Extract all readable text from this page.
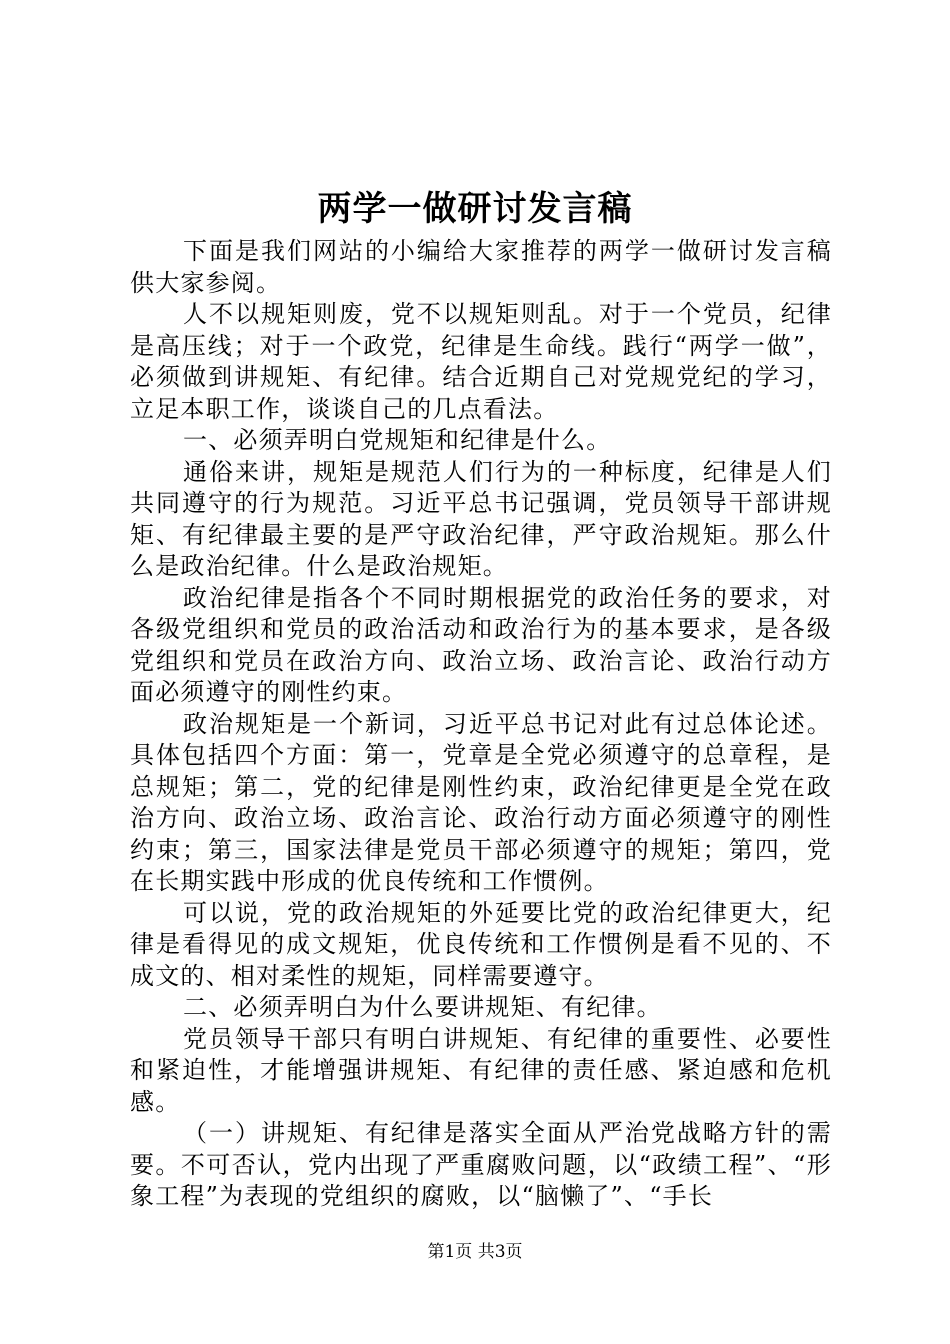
两学一做研讨发言稿

下面是我们网站的小编给大家推荐的两学一做研讨发言稿供大家参阅。

人不以规矩则废，党不以规矩则乱。对于一个党员，纪律是高压线；对于一个政党，纪律是生命线。践行“两学一做”，必须做到讲规矩、有纪律。结合近期自己对党规党纪的学习，立足本职工作，谈谈自己的几点看法。

一、必须弄明白党规矩和纪律是什么。

通俗来讲，规矩是规范人们行为的一种标度，纪律是人们共同遵守的行为规范。习近平总书记强调，党员领导干部讲规矩、有纪律最主要的是严守政治纪律，严守政治规矩。那么什么是政治纪律。什么是政治规矩。

政治纪律是指各个不同时期根据党的政治任务的要求，对各级党组织和党员的政治活动和政治行为的基本要求，是各级党组织和党员在政治方向、政治立场、政治言论、政治行动方面必须遵守的刚性约束。

政治规矩是一个新词，习近平总书记对此有过总体论述。具体包括四个方面：第一，党章是全党必须遵守的总章程，是总规矩；第二，党的纪律是刚性约束，政治纪律更是全党在政治方向、政治立场、政治言论、政治行动方面必须遵守的刚性约束；第三，国家法律是党员干部必须遵守的规矩；第四，党在长期实践中形成的优良传统和工作惯例。

可以说，党的政治规矩的外延要比党的政治纪律更大，纪律是看得见的成文规矩，优良传统和工作惯例是看不见的、不成文的、相对柔性的规矩，同样需要遵守。

二、必须弄明白为什么要讲规矩、有纪律。

党员领导干部只有明白讲规矩、有纪律的重要性、必要性和紧迫性，才能增强讲规矩、有纪律的责任感、紧迫感和危机感。

（一）讲规矩、有纪律是落实全面从严治党战略方针的需要。不可否认，党内出现了严重腐败问题，以“政绩工程”、“形象工程”为表现的党组织的腐败，以“脑懒了”、“手长

第1页 共3页
